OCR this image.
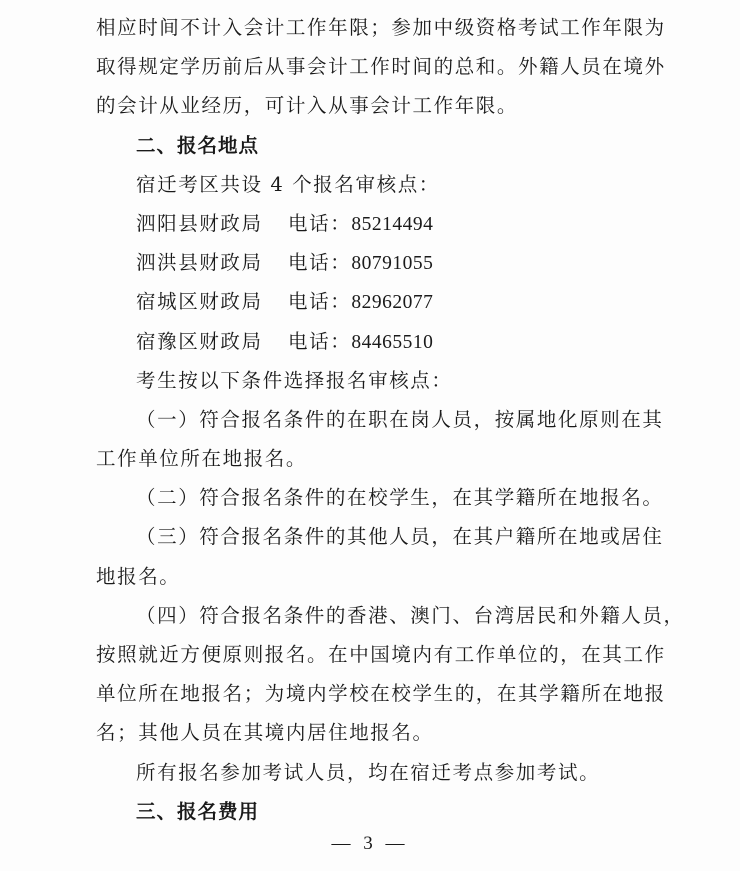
相应时间不计入会计工作年限；参加中级资格考试工作年限为
取得规定学历前后从事会计工作时间的总和。外籍人员在境外
的会计从业经历，可计入从事会计工作年限。
二、报名地点
宿迁考区共设 4 个报名审核点：
泗阳县财政局 电话：85214494
泗洪县财政局 电话：80791055
宿城区财政局 电话：82962077
宿豫区财政局 电话：84465510
考生按以下条件选择报名审核点：
（一）符合报名条件的在职在岗人员，按属地化原则在其
工作单位所在地报名。
（二）符合报名条件的在校学生，在其学籍所在地报名。
（三）符合报名条件的其他人员，在其户籍所在地或居住
地报名。
（四）符合报名条件的香港、澳门、台湾居民和外籍人员，
按照就近方便原则报名。在中国境内有工作单位的，在其工作
单位所在地报名；为境内学校在校学生的，在其学籍所在地报
名；其他人员在其境内居住地报名。
所有报名参加考试人员，均在宿迁考点参加考试。
三、报名费用
— 3 —
